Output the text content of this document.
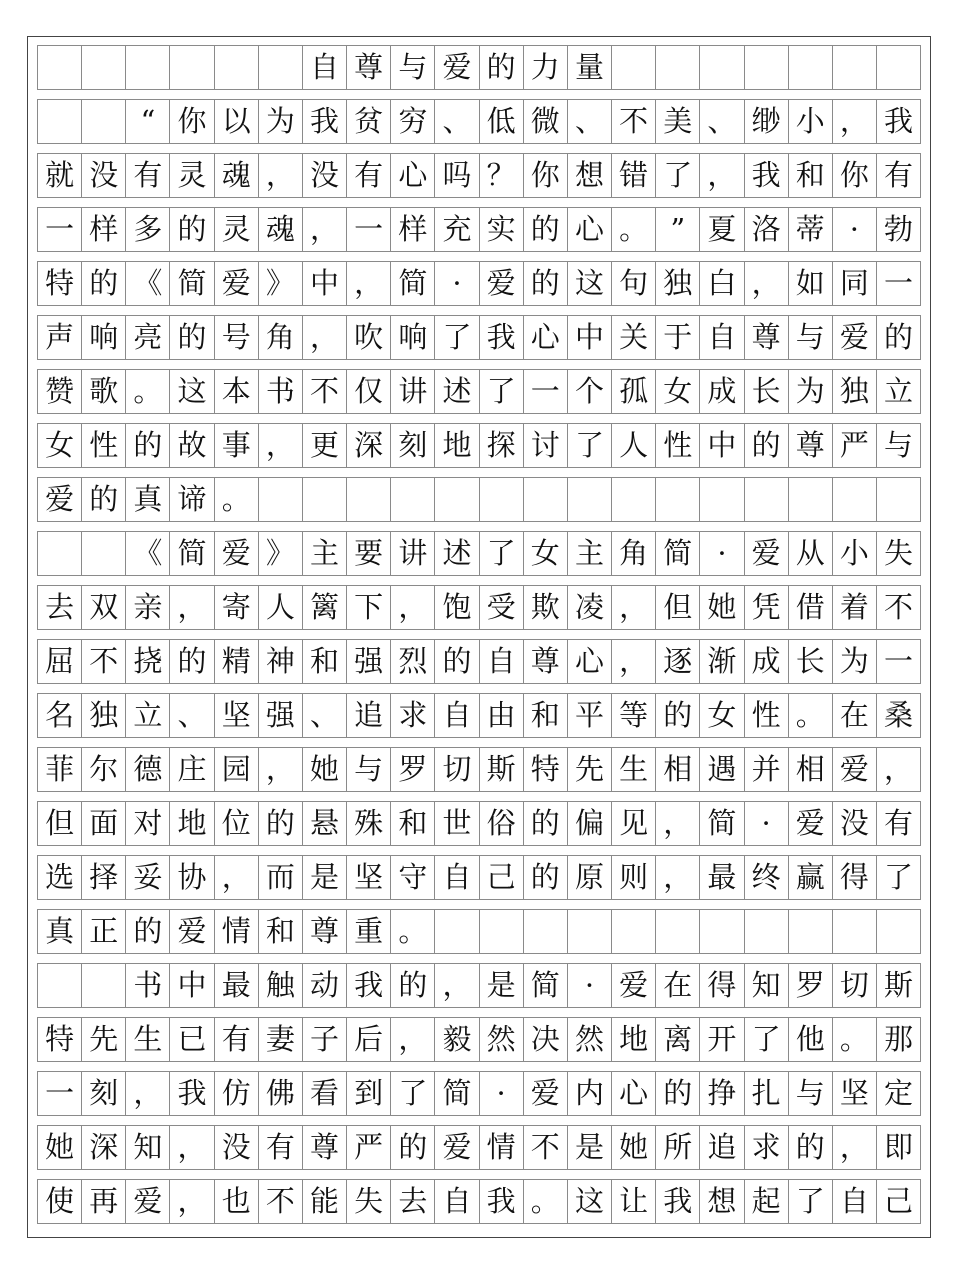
自 尊 与 爱 的 力 量
“ 你 以 为 我 贫 穷 、 低 微 、 不 美 、 缈 小 ， 我
就 没 有 灵 魂 ， 没 有 心 吗 ？ 你 想 错 了 ， 我 和 你 有
一 样 多 的 灵 魂 ， 一 样 充 实 的 心 。 ” 夏 洛 蒂 · 勃
特 的 《 简 爱 》 中 ， 简 · 爱 的 这 句 独 白 ， 如 同 一
声 响 亮 的 号 角 ， 吹 响 了 我 心 中 关 于 自 尊 与 爱 的
赞 歌 。 这 本 书 不 仅 讲 述 了 一 个 孤 女 成 长 为 独 立
女 性 的 故 事 ， 更 深 刻 地 探 讨 了 人 性 中 的 尊 严 与
爱 的 真 谛 。
《 简 爱 》 主 要 讲 述 了 女 主 角 简 · 爱 从 小 失
去 双 亲 ， 寄 人 篱 下 ， 饱 受 欺 凌 ， 但 她 凭 借 着 不
屈 不 挠 的 精 神 和 强 烈 的 自 尊 心 ， 逐 渐 成 长 为 一
名 独 立 、 坚 强 、 追 求 自 由 和 平 等 的 女 性 。 在 桑
菲 尔 德 庄 园 ， 她 与 罗 切 斯 特 先 生 相 遇 并 相 爱 ，
但 面 对 地 位 的 悬 殊 和 世 俗 的 偏 见 ， 简 · 爱 没 有
选 择 妥 协 ， 而 是 坚 守 自 己 的 原 则 ， 最 终 赢 得 了
真 正 的 爱 情 和 尊 重 。
书 中 最 触 动 我 的 ， 是 简 · 爱 在 得 知 罗 切 斯
特 先 生 已 有 妻 子 后 ， 毅 然 决 然 地 离 开 了 他 。 那
一 刻 ， 我 仿 佛 看 到 了 简 · 爱 内 心 的 挣 扎 与 坚 定
她 深 知 ， 没 有 尊 严 的 爱 情 不 是 她 所 追 求 的 ， 即
使 再 爱 ， 也 不 能 失 去 自 我 。 这 让 我 想 起 了 自 己
